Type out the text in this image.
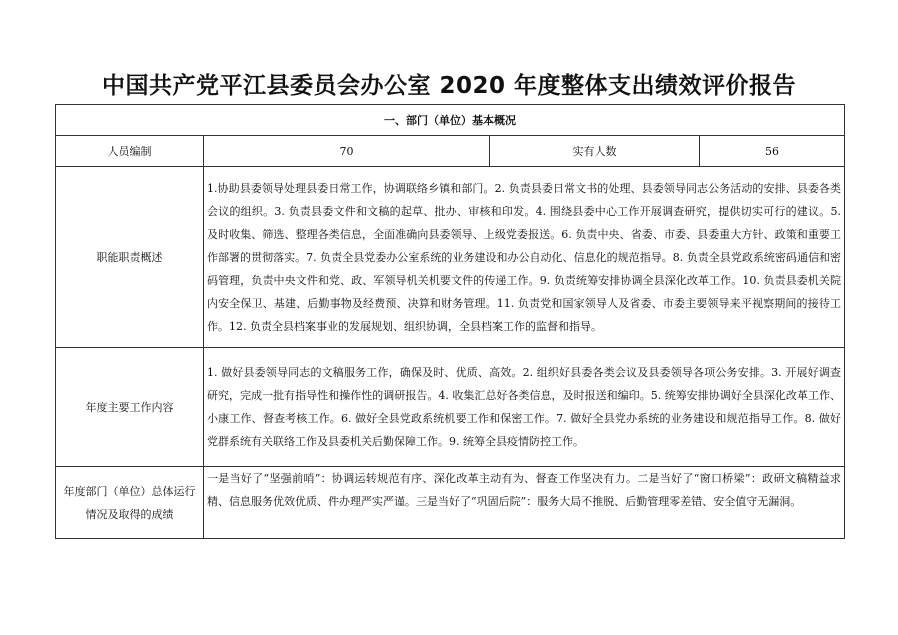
中国共产党平江县委员会办公室 2020 年度整体支出绩效评价报告
一、部门（单位）基本概况			
人员编制	70	实有人数	56
职能职责概述	1.协助县委领导处理县委日常工作，协调联络乡镇和部门。2. 负责县委日常文书的处理、县委领导同志公务活动的安排、县委各类会议的组织。3. 负责县委文件和文稿的起草、批办、审核和印发。4. 围绕县委中心工作开展调查研究，提供切实可行的建议。5. 及时收集、筛选、整理各类信息，全面准确向县委领导、上级党委报送。6. 负责中央、省委、市委、县委重大方针、政策和重要工作部署的贯彻落实。7. 负责全县党委办公室系统的业务建设和办公自动化、信息化的规范指导。8. 负责全县党政系统密码通信和密码管理，负责中央文件和党、政、军领导机关机要文件的传递工作。9. 负责统筹安排协调全县深化改革工作。10. 负责县委机关院内安全保卫、基建、后勤事物及经费预、决算和财务管理。11. 负责党和国家领导人及省委、市委主要领导来平视察期间的接待工作。12. 负责全县档案事业的发展规划、组织协调，全县档案工作的监督和指导。		
年度主要工作内容	1. 做好县委领导同志的文稿服务工作，确保及时、优质、高效。2. 组织好县委各类会议及县委领导各项公务安排。3. 开展好调查研究，完成一批有指导性和操作性的调研报告。4. 收集汇总好各类信息，及时报送和编印。5. 统筹安排协调好全县深化改革工作、小康工作、督查考核工作。6. 做好全县党政系统机要工作和保密工作。7. 做好全县党办系统的业务建设和规范指导工作。8. 做好党群系统有关联络工作及县委机关后勤保障工作。9. 统筹全县疫情防控工作。		
年度部门（单位）总体运行情况及取得的成绩	一是当好了“坚强前哨”：协调运转规范有序、深化改革主动有为、督查工作坚决有力。二是当好了“窗口桥梁”：政研文稿精益求精、信息服务优效优质、件办理严实严谨。三是当好了“巩固后院”：服务大局不推脱、后勤管理零差错、安全值守无漏洞。		
